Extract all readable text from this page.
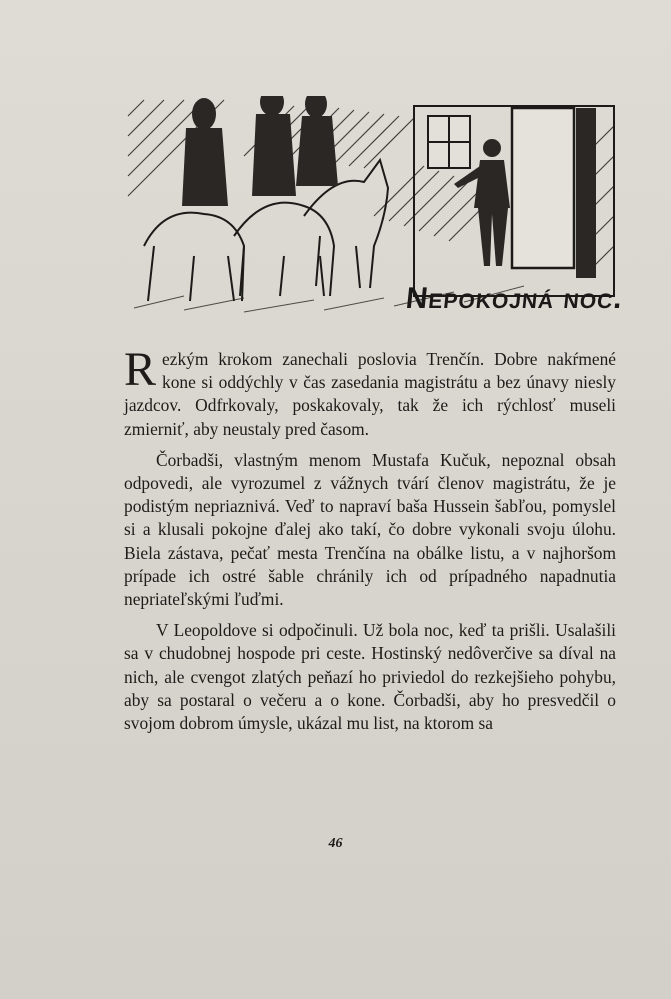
Nepokojná noc.

Rezkým krokom zanechali poslovia Trenčín. Dobre nakŕmené kone si oddýchly v čas zasedania magistrátu a bez únavy niesly jazdcov. Odfrkovaly, poskakovaly, tak že ich rýchlosť museli zmierniť, aby neustaly pred časom.

Čorbadši, vlastným menom Mustafa Kučuk, nepoznal obsah odpovedi, ale vyrozumel z vážnych tvárí členov magistrátu, že je podistým nepriaznivá. Veď to napraví baša Hussein šabľou, pomyslel si a klusali pokojne ďalej ako takí, čo dobre vykonali svoju úlohu. Biela zástava, pečať mesta Trenčína na obálke listu, a v najhoršom prípade ich ostré šable chránily ich od prípadného napadnutia nepriateľskými ľuďmi.

V Leopoldove si odpočinuli. Už bola noc, keď ta prišli. Usalašili sa v chudobnej hospode pri ceste. Hostinský nedôverčive sa díval na nich, ale cvengot zlatých peňazí ho priviedol do rezkejšieho pohybu, aby sa postaral o večeru a o kone. Čorbadši, aby ho presvedčil o svojom dobrom úmysle, ukázal mu list, na ktorom sa

46
